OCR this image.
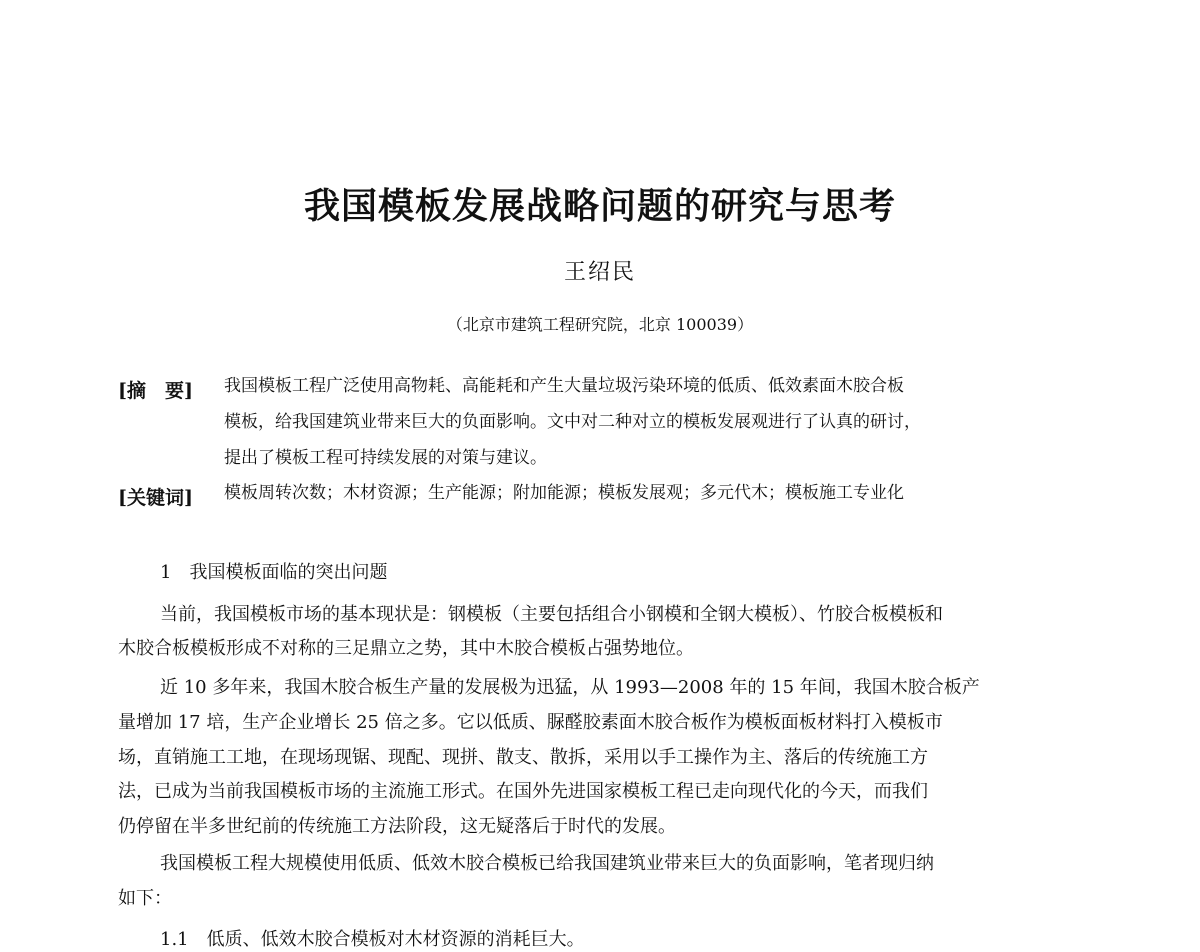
我国模板发展战略问题的研究与思考
王绍民
（北京市建筑工程研究院，北京 100039）
[摘　要] 我国模板工程广泛使用高物耗、高能耗和产生大量垃圾污染环境的低质、低效素面木胶合板
模板，给我国建筑业带来巨大的负面影响。文中对二种对立的模板发展观进行了认真的研讨，
提出了模板工程可持续发展的对策与建议。
[关键词] 模板周转次数；木材资源；生产能源；附加能源；模板发展观；多元代木；模板施工专业化
1　我国模板面临的突出问题
当前，我国模板市场的基本现状是：钢模板（主要包括组合小钢模和全钢大模板）、竹胶合板模板和
木胶合板模板形成不对称的三足鼎立之势，其中木胶合模板占强势地位。
近 10 多年来，我国木胶合板生产量的发展极为迅猛，从 1993—2008 年的 15 年间，我国木胶合板产
量增加 17 培，生产企业增长 25 倍之多。它以低质、脲醛胶素面木胶合板作为模板面板材料打入模板市
场，直销施工工地，在现场现锯、现配、现拼、散支、散拆，采用以手工操作为主、落后的传统施工方
法，已成为当前我国模板市场的主流施工形式。在国外先进国家模板工程已走向现代化的今天，而我们
仍停留在半多世纪前的传统施工方法阶段，这无疑落后于时代的发展。
我国模板工程大规模使用低质、低效木胶合模板已给我国建筑业带来巨大的负面影响，笔者现归纳
如下：
1.1　低质、低效木胶合模板对木材资源的消耗巨大。
